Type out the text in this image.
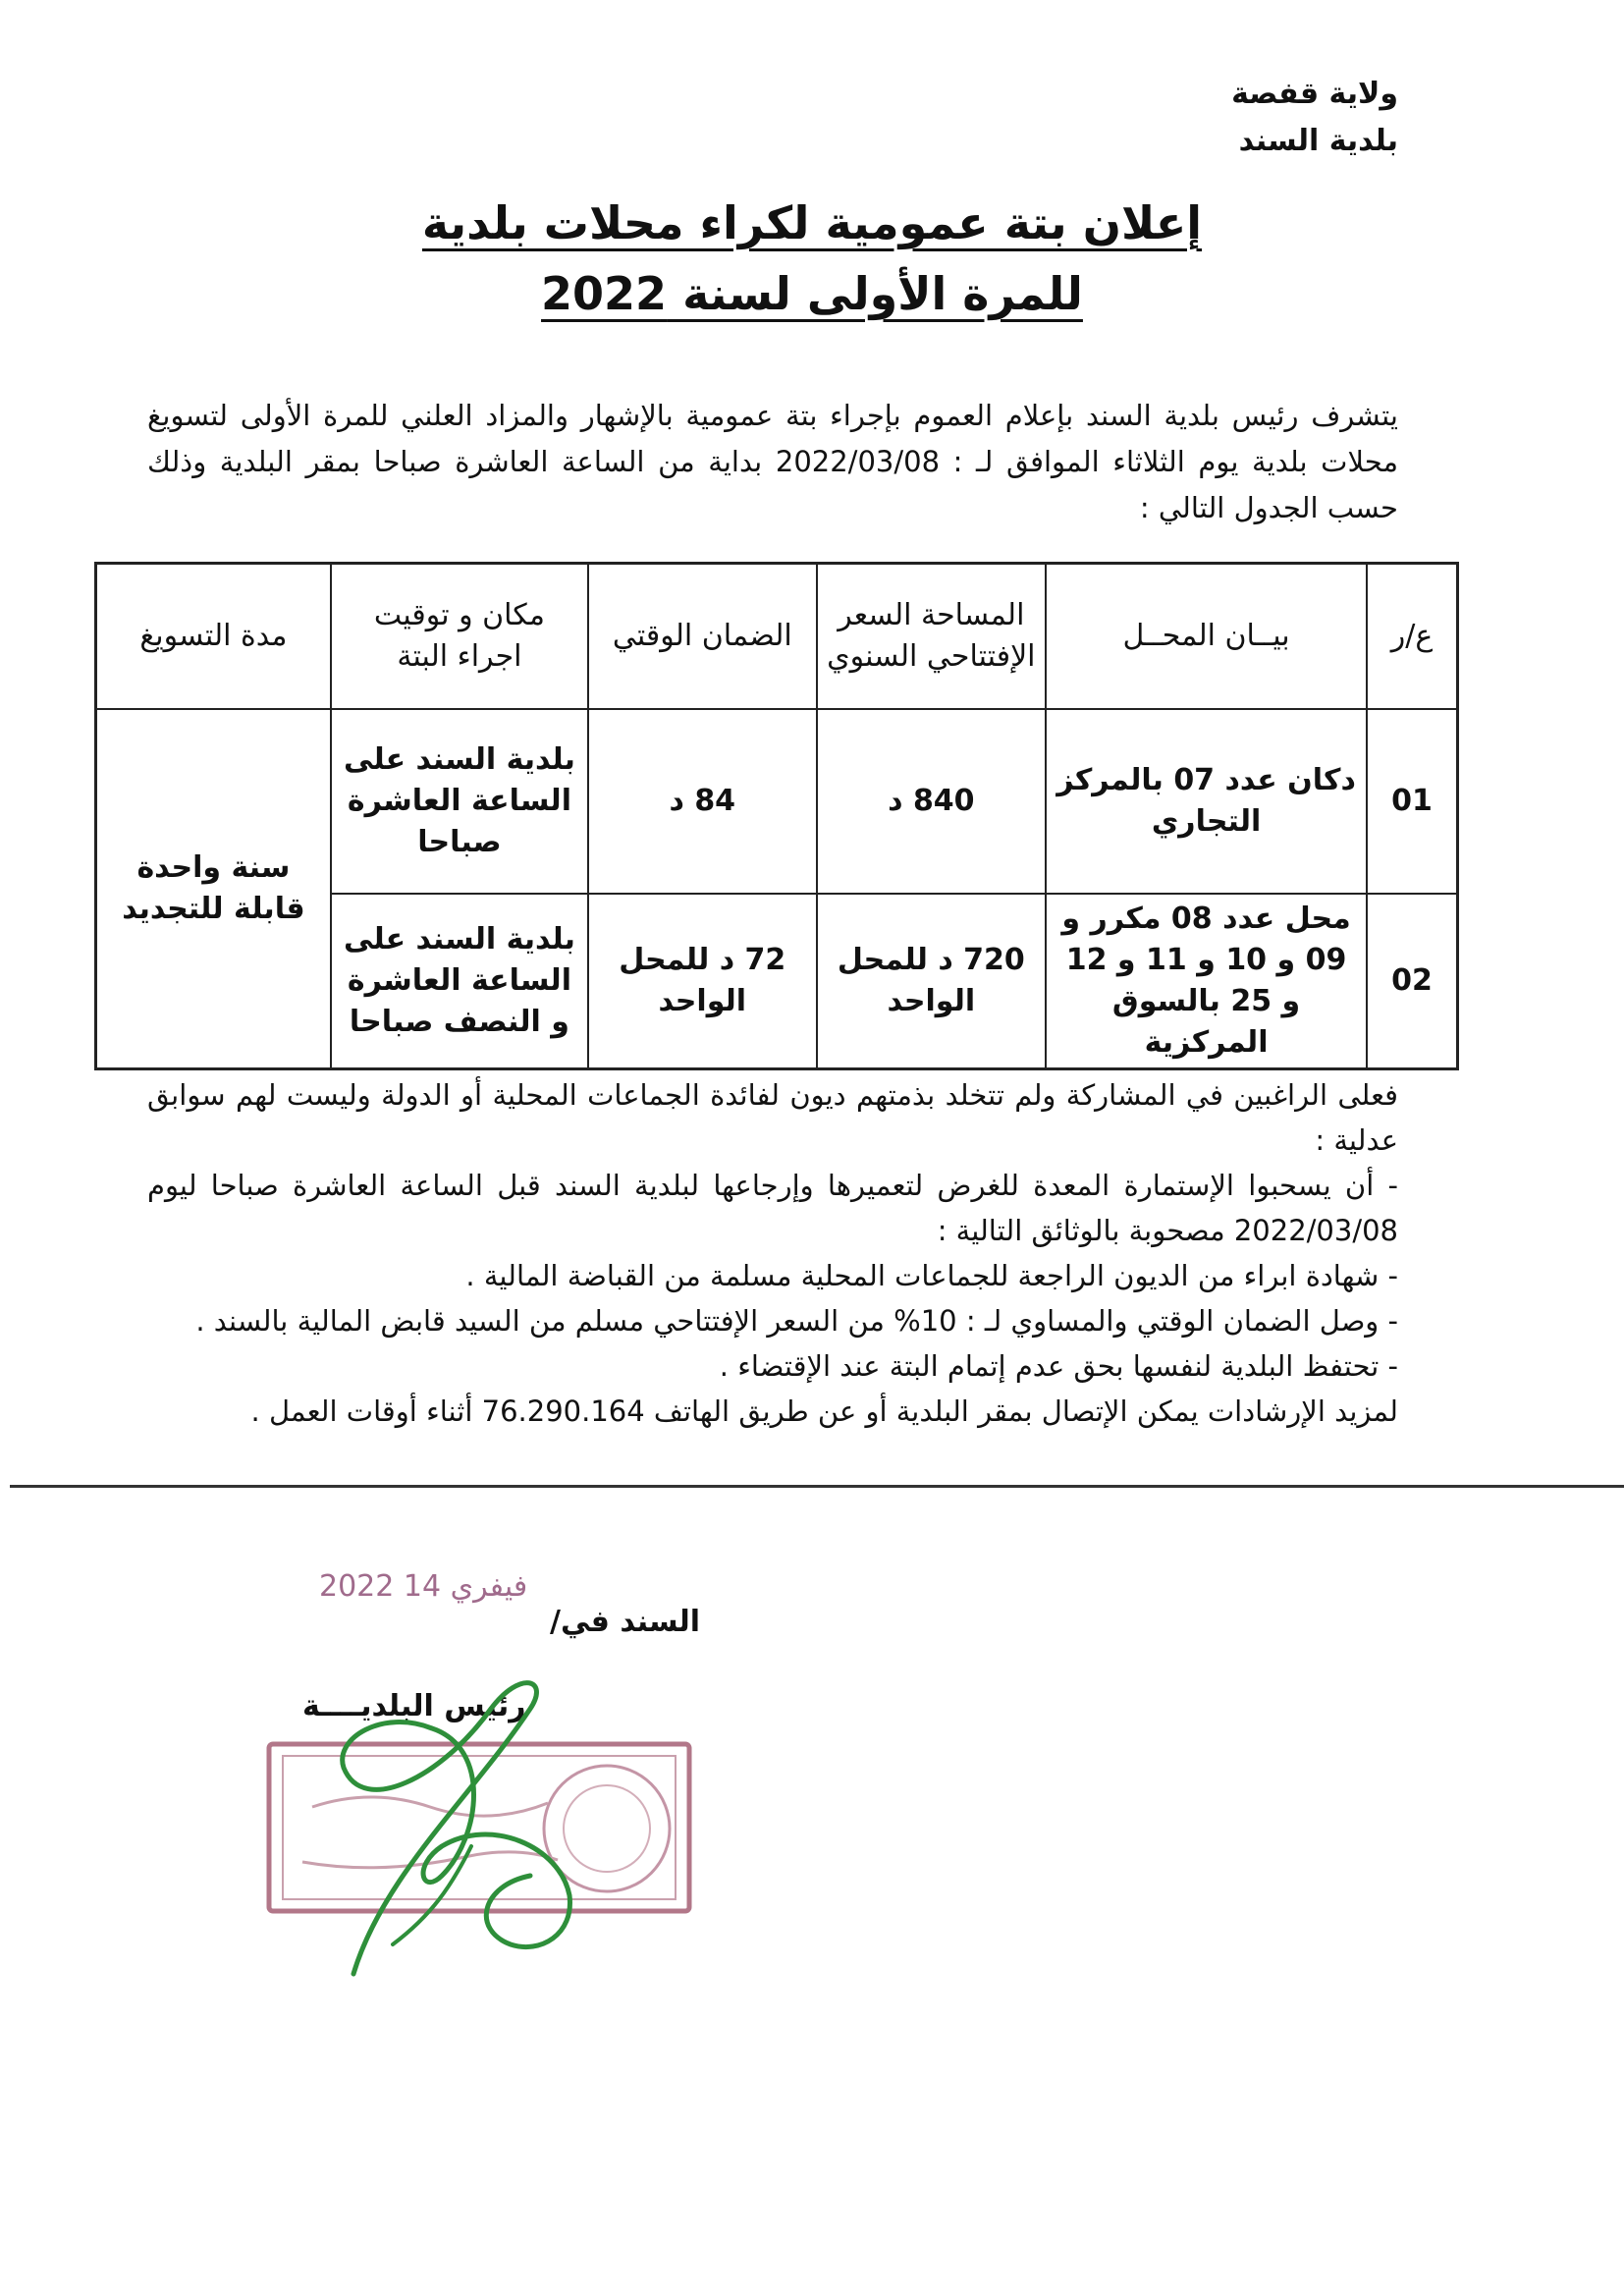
ولاية قفصة
بلدية السند
إعلان بتة عمومية لكراء محلات بلدية
للمرة الأولى لسنة 2022
يتشرف رئيس بلدية السند بإعلام العموم بإجراء بتة عمومية بالإشهار والمزاد العلني للمرة الأولى لتسويغ محلات بلدية يوم الثلاثاء الموافق لـ : 2022/03/08 بداية من الساعة العاشرة صباحا بمقر البلدية وذلك حسب الجدول التالي :
ع/ر	بيــان المحــل	المساحة السعر الإفتتاحي السنوي	الضمان الوقتي	مكان و توقيت اجراء البتة	مدة التسويغ
01	دكان عدد 07 بالمركز التجاري	840 د	84 د	بلدية السند على الساعة العاشرة صباحا	سنة واحدة قابلة للتجديد
02	محل عدد 08 مكرر و 09 و 10 و 11 و 12 و 25 بالسوق المركزية	720 د للمحل الواحد	72 د للمحل الواحد	بلدية السند على الساعة العاشرة و النصف صباحا	

فعلى الراغبين في المشاركة ولم تتخلد بذمتهم ديون لفائدة الجماعات المحلية أو الدولة وليست لهم سوابق عدلية :

- أن يسحبوا الإستمارة المعدة للغرض لتعميرها وإرجاعها لبلدية السند قبل الساعة العاشرة صباحا ليوم 2022/03/08 مصحوبة بالوثائق التالية :

- شهادة ابراء من الديون الراجعة للجماعات المحلية مسلمة من القباضة المالية .

- وصل الضمان الوقتي والمساوي لـ : 10% من السعر الإفتتاحي مسلم من السيد قابض المالية بالسند .

- تحتفظ البلدية لنفسها بحق عدم إتمام البتة عند الإقتضاء .

لمزيد الإرشادات يمكن الإتصال بمقر البلدية أو عن طريق الهاتف 76.290.164 أثناء أوقات العمل .

2022 فيفري 14
السند في/
رئيس البلديــــة
